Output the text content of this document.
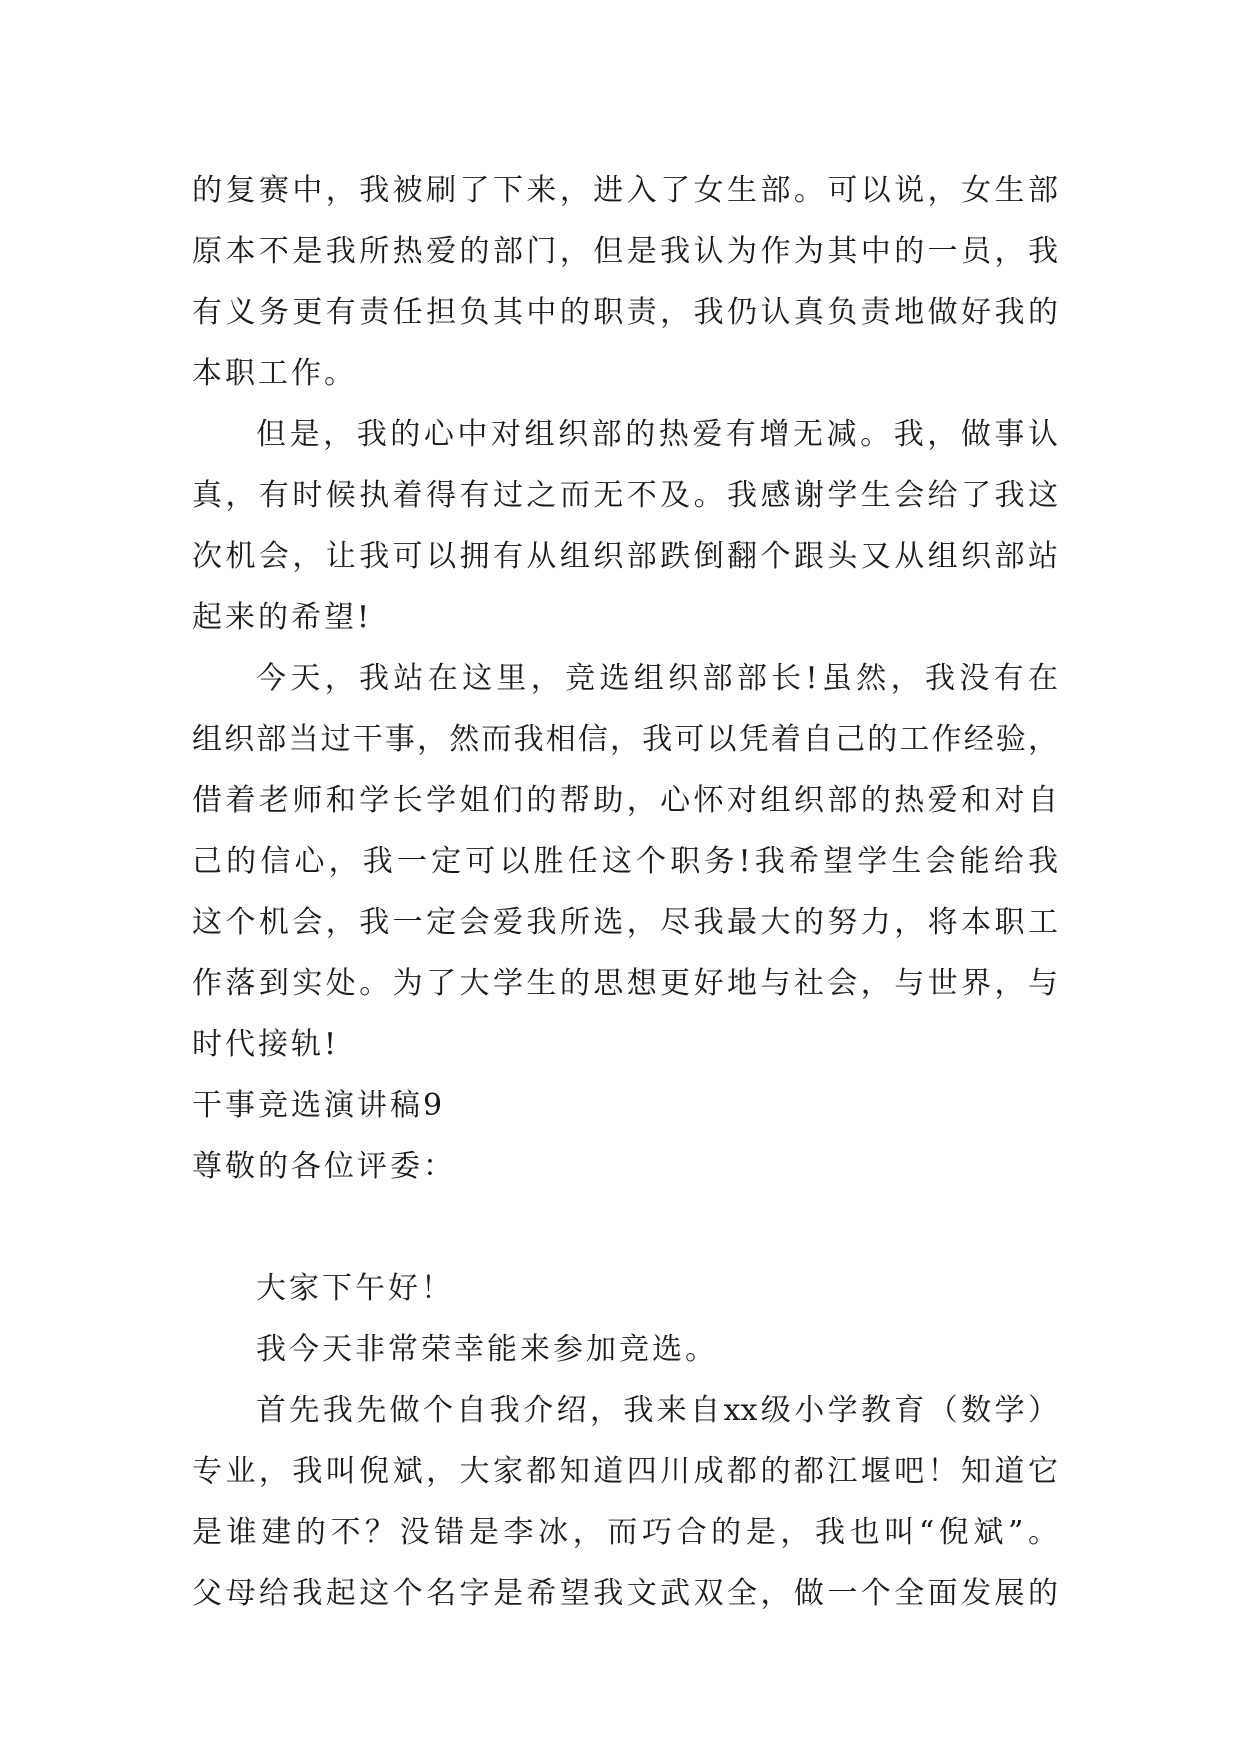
的复赛中，我被刷了下来，进入了女生部。可以说，女生部
原本不是我所热爱的部门，但是我认为作为其中的一员，我
有义务更有责任担负其中的职责，我仍认真负责地做好我的
本职工作。
但是，我的心中对组织部的热爱有增无减。我，做事认
真，有时候执着得有过之而无不及。我感谢学生会给了我这
次机会，让我可以拥有从组织部跌倒翻个跟头又从组织部站
起来的希望!
今天，我站在这里，竞选组织部部长!虽然，我没有在
组织部当过干事，然而我相信，我可以凭着自己的工作经验，
借着老师和学长学姐们的帮助，心怀对组织部的热爱和对自
己的信心，我一定可以胜任这个职务!我希望学生会能给我
这个机会，我一定会爱我所选，尽我最大的努力，将本职工
作落到实处。为了大学生的思想更好地与社会，与世界，与
时代接轨!
干事竞选演讲稿9
尊敬的各位评委：
大家下午好！
我今天非常荣幸能来参加竞选。
首先我先做个自我介绍，我来自xx级小学教育（数学）
专业，我叫倪斌，大家都知道四川成都的都江堰吧！知道它
是谁建的不？没错是李冰，而巧合的是，我也叫“倪斌”。
父母给我起这个名字是希望我文武双全，做一个全面发展的
